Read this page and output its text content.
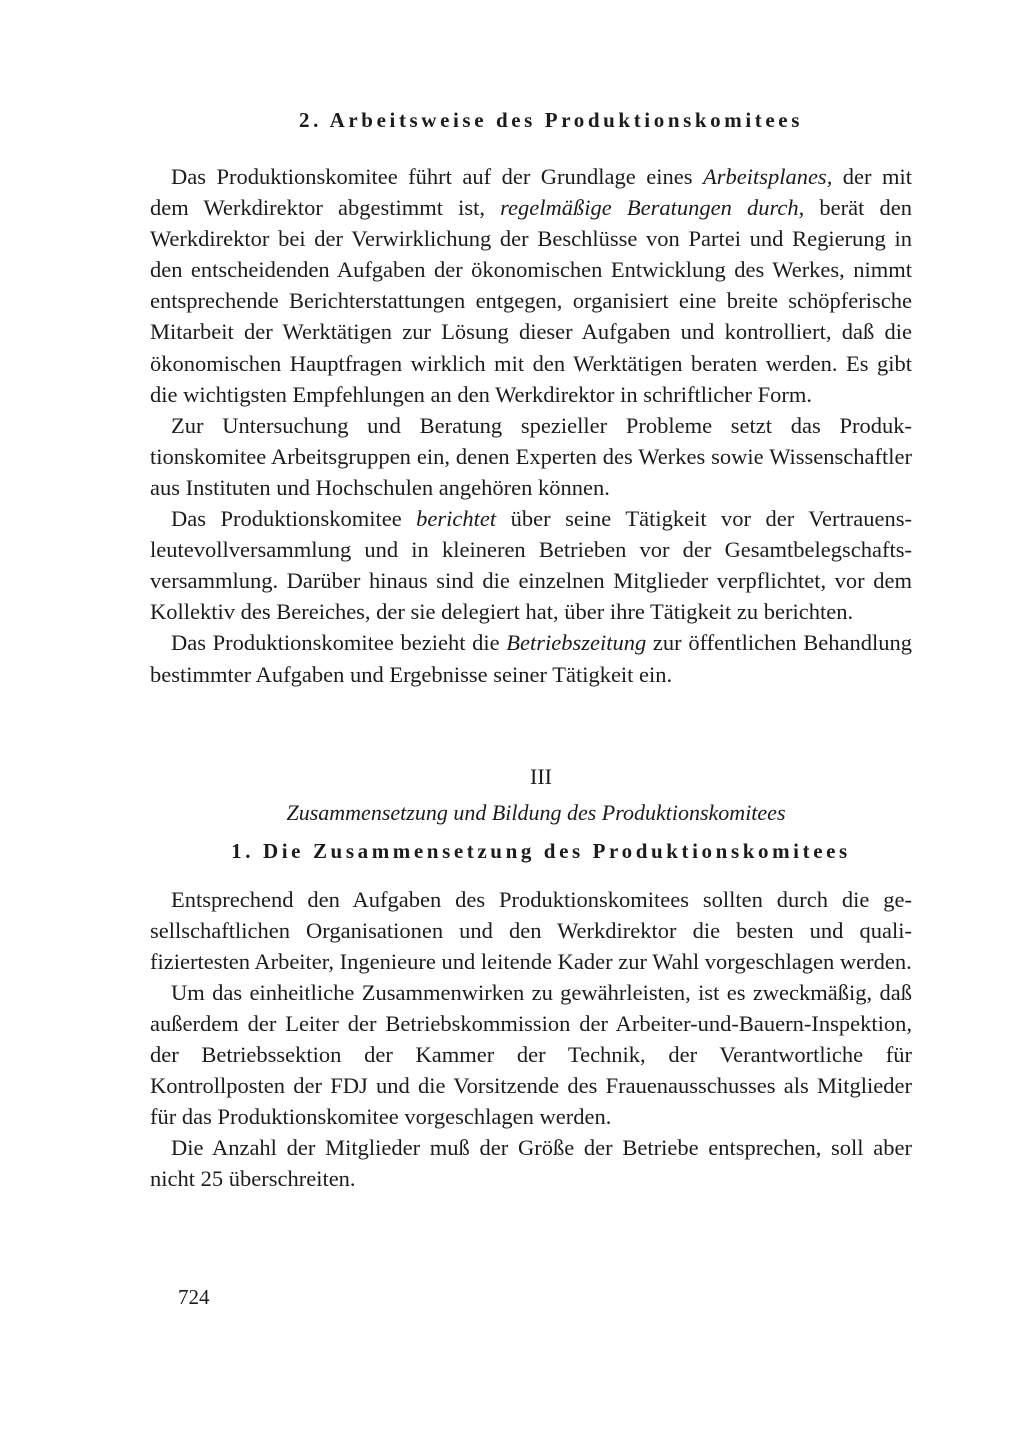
2. Arbeitsweise des Produktionskomitees

Das Produktionskomitee führt auf der Grundlage eines Arbeitsplanes, der mit dem Werkdirektor abgestimmt ist, regelmäßige Beratungen durch, berät den Werkdirektor bei der Verwirklichung der Beschlüsse von Partei und Regierung in den entscheidenden Aufgaben der ökonomischen Entwicklung des Werkes, nimmt entsprechende Berichterstattungen entgegen, organisiert eine breite schöpferische Mitarbeit der Werktätigen zur Lösung dieser Aufgaben und kontrolliert, daß die ökonomischen Hauptfragen wirklich mit den Werktätigen beraten werden. Es gibt die wichtigsten Empfehlungen an den Werkdirektor in schriftlicher Form.

Zur Untersuchung und Beratung spezieller Probleme setzt das Produktionskomitee Arbeitsgruppen ein, denen Experten des Werkes sowie Wissenschaftler aus Instituten und Hochschulen angehören können.

Das Produktionskomitee berichtet über seine Tätigkeit vor der Vertrauensleutevollversammlung und in kleineren Betrieben vor der Gesamtbelegschaftsversammlung. Darüber hinaus sind die einzelnen Mitglieder verpflichtet, vor dem Kollektiv des Bereiches, der sie delegiert hat, über ihre Tätigkeit zu berichten.

Das Produktionskomitee bezieht die Betriebszeitung zur öffentlichen Behandlung bestimmter Aufgaben und Ergebnisse seiner Tätigkeit ein.

III
Zusammensetzung und Bildung des Produktionskomitees
1. Die Zusammensetzung des Produktionskomitees

Entsprechend den Aufgaben des Produktionskomitees sollten durch die gesellschaftlichen Organisationen und den Werkdirektor die besten und qualifiziertesten Arbeiter, Ingenieure und leitende Kader zur Wahl vorgeschlagen werden.

Um das einheitliche Zusammenwirken zu gewährleisten, ist es zweckmäßig, daß außerdem der Leiter der Betriebskommission der Arbeiter-und-Bauern-Inspektion, der Betriebssektion der Kammer der Technik, der Verantwortliche für Kontrollposten der FDJ und die Vorsitzende des Frauenausschusses als Mitglieder für das Produktionskomitee vorgeschlagen werden.

Die Anzahl der Mitglieder muß der Größe der Betriebe entsprechen, soll aber nicht 25 überschreiten.

724
